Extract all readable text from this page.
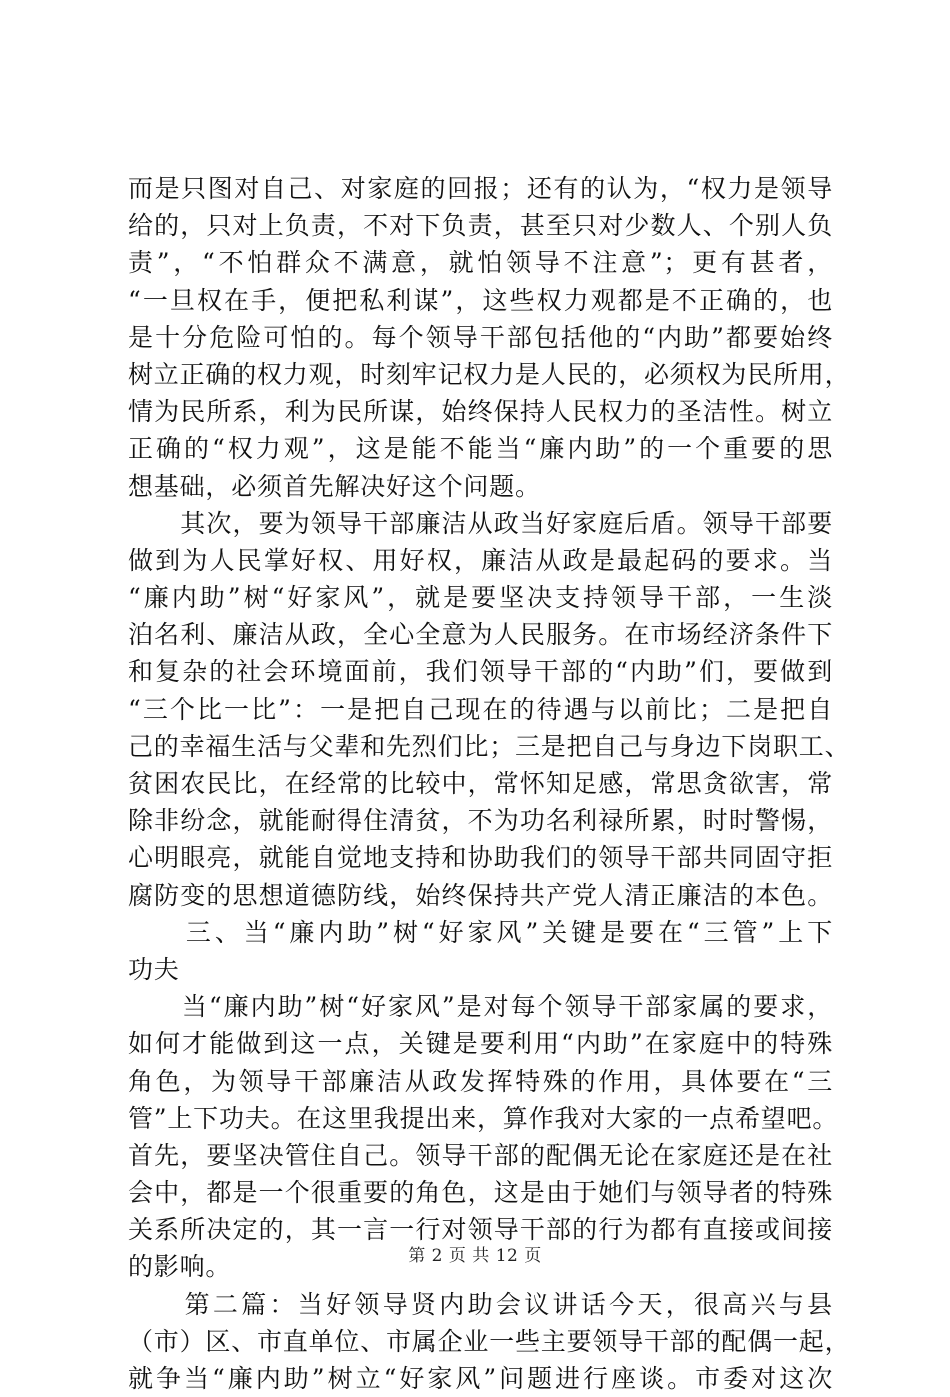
而是只图对自己、对家庭的回报；还有的认为，“权力是领导
给的，只对上负责，不对下负责，甚至只对少数人、个别人负
责”，“不怕群众不满意，就怕领导不注意”；更有甚者，
“一旦权在手，便把私利谋”，这些权力观都是不正确的，也
是十分危险可怕的。每个领导干部包括他的“内助”都要始终
树立正确的权力观，时刻牢记权力是人民的，必须权为民所用，
情为民所系，利为民所谋，始终保持人民权力的圣洁性。树立
正确的“权力观”，这是能不能当“廉内助”的一个重要的思
想基础，必须首先解决好这个问题。
　　其次，要为领导干部廉洁从政当好家庭后盾。领导干部要
做到为人民掌好权、用好权，廉洁从政是最起码的要求。当
“廉内助”树“好家风”，就是要坚决支持领导干部，一生淡
泊名利、廉洁从政，全心全意为人民服务。在市场经济条件下
和复杂的社会环境面前，我们领导干部的“内助”们，要做到
“三个比一比”：一是把自己现在的待遇与以前比；二是把自
己的幸福生活与父辈和先烈们比；三是把自己与身边下岗职工、
贫困农民比，在经常的比较中，常怀知足感，常思贪欲害，常
除非纷念，就能耐得住清贫，不为功名利禄所累，时时警惕，
心明眼亮，就能自觉地支持和协助我们的领导干部共同固守拒
腐防变的思想道德防线，始终保持共产党人清正廉洁的本色。
　　三、当“廉内助”树“好家风”关键是要在“三管”上下
功夫
　　当“廉内助”树“好家风”是对每个领导干部家属的要求，
如何才能做到这一点，关键是要利用“内助”在家庭中的特殊
角色，为领导干部廉洁从政发挥特殊的作用，具体要在“三
管”上下功夫。在这里我提出来，算作我对大家的一点希望吧。
首先，要坚决管住自己。领导干部的配偶无论在家庭还是在社
会中，都是一个很重要的角色，这是由于她们与领导者的特殊
关系所决定的，其一言一行对领导干部的行为都有直接或间接
的影响。
　　第二篇：当好领导贤内助会议讲话今天，很高兴与县
（市）区、市直单位、市属企业一些主要领导干部的配偶一起，
就争当“廉内助”树立“好家风”问题进行座谈。市委对这次
第 2 页 共 12 页
